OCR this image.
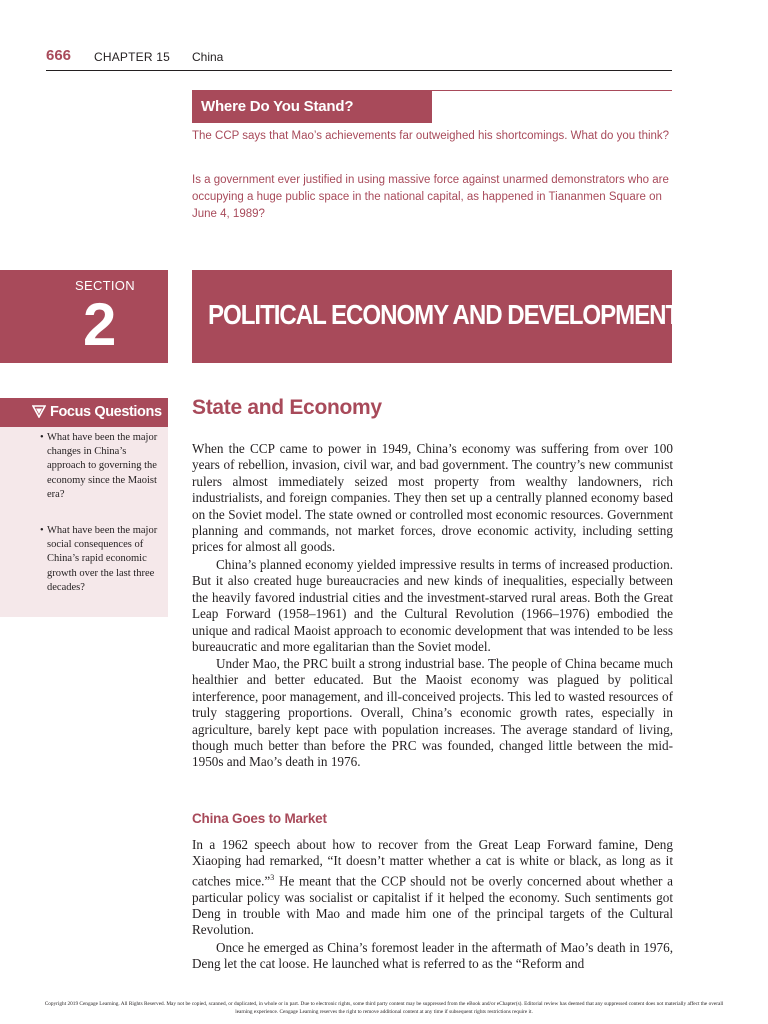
666 CHAPTER 15 China
Where Do You Stand?

The CCP says that Mao’s achievements far outweighed his shortcomings. What do you think?

Is a government ever justified in using massive force against unarmed demonstrators who are occupying a huge public space in the national capital, as happened in Tiananmen Square on June 4, 1989?

SECTION
2	POLITICAL ECONOMY AND DEVELOPMENT
Focus Questions
• What have been the major changes in China’s approach to governing the economy since the Maoist era?
• What have been the major social consequences of China’s rapid economic growth over the last three decades?
State and Economy

When the CCP came to power in 1949, China’s economy was suffering from over 100 years of rebellion, invasion, civil war, and bad government. The country’s new communist rulers almost immediately seized most property from wealthy landowners, rich industrialists, and foreign companies. They then set up a centrally planned economy based on the Soviet model. The state owned or controlled most economic resources. Government planning and commands, not market forces, drove economic activity, including setting prices for almost all goods.

China’s planned economy yielded impressive results in terms of increased production. But it also created huge bureaucracies and new kinds of inequalities, especially between the heavily favored industrial cities and the investment-starved rural areas. Both the Great Leap Forward (1958–1961) and the Cultural Revolution (1966–1976) embodied the unique and radical Maoist approach to economic development that was intended to be less bureaucratic and more egalitarian than the Soviet model.

Under Mao, the PRC built a strong industrial base. The people of China became much healthier and better educated. But the Maoist economy was plagued by political interference, poor management, and ill-conceived projects. This led to wasted resources of truly staggering proportions. Overall, China’s economic growth rates, especially in agriculture, barely kept pace with population increases. The average standard of living, though much better than before the PRC was founded, changed little between the mid-1950s and Mao’s death in 1976.

China Goes to Market

In a 1962 speech about how to recover from the Great Leap Forward famine, Deng Xiaoping had remarked, “It doesn’t matter whether a cat is white or black, as long as it catches mice.”$^3$ He meant that the CCP should not be overly concerned about whether a particular policy was socialist or capitalist if it helped the economy. Such sentiments got Deng in trouble with Mao and made him one of the principal targets of the Cultural Revolution.

Once he emerged as China’s foremost leader in the aftermath of Mao’s death in 1976, Deng let the cat loose. He launched what is referred to as the “Reform and

Copyright 2019 Cengage Learning. All Rights Reserved. May not be copied, scanned, or duplicated, in whole or in part. Due to electronic rights, some third party content may be suppressed from the eBook and/or eChapter(s). Editorial review has deemed that any suppressed content does not materially affect the overall learning experience. Cengage Learning reserves the right to remove additional content at any time if subsequent rights restrictions require it.
